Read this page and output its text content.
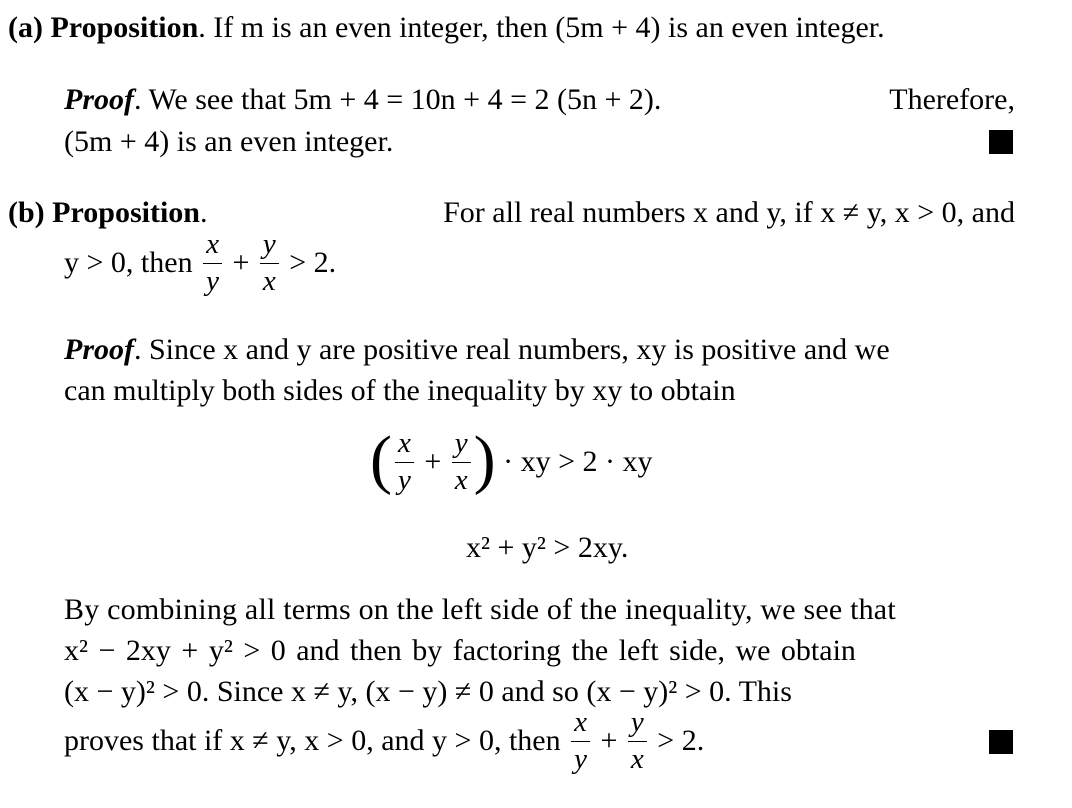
(a) Proposition. If m is an even integer, then (5m + 4) is an even integer.
Proof. We see that 5m + 4 = 10n + 4 = 2 (5n + 2).	Therefore,
(5m + 4) is an even integer.
(b) Proposition.	For all real numbers x and y, if x ≠ y, x > 0, and
y > 0, then $\frac{x}{y} + \frac{y}{x} > 2$.
Proof. Since x and y are positive real numbers, xy is positive and we
can multiply both sides of the inequality by xy to obtain
( $\frac{x}{y} + \frac{y}{x}$ ) · xy > 2 · xy
x² + y² > 2xy.
By combining all terms on the left side of the inequality, we see that
x² − 2xy + y² > 0 and then by factoring the left side, we obtain
(x − y)² > 0. Since x ≠ y, (x − y) ≠ 0 and so (x − y)² > 0. This
proves that if x ≠ y, x > 0, and y > 0, then $\frac{x}{y} + \frac{y}{x} > 2$.
